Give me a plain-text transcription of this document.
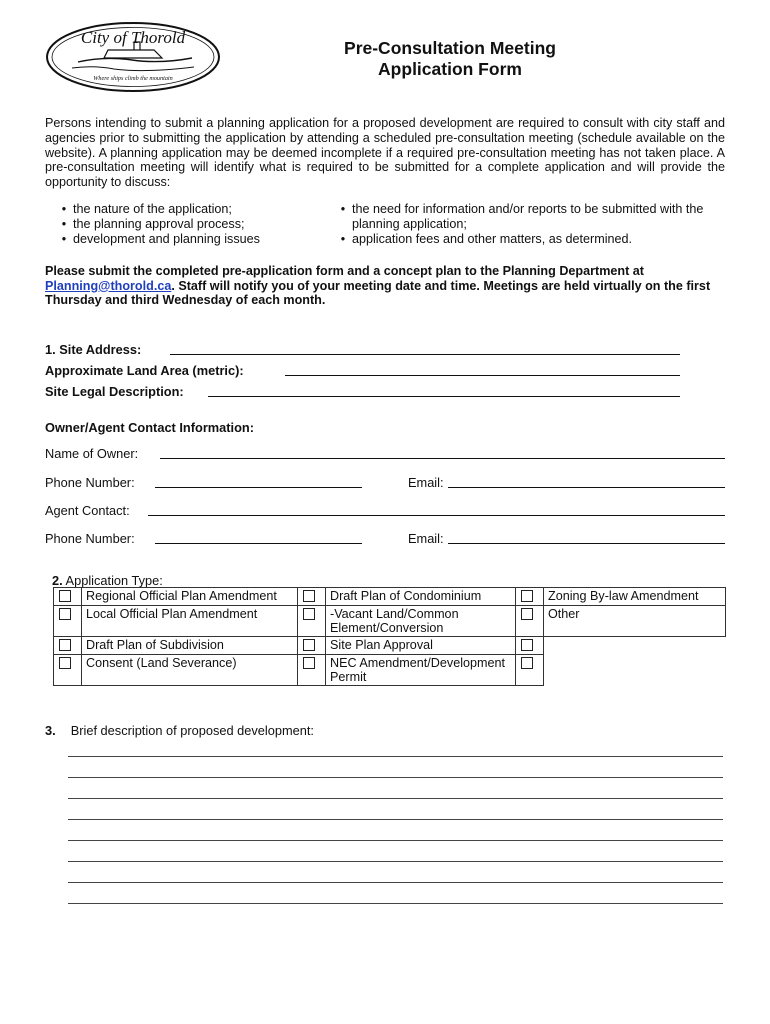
City of Thorold
Where ships climb the mountain
Pre-Consultation Meeting
Application Form
Persons intending to submit a planning application for a proposed development are required to consult with city staff and agencies prior to submitting the application by attending a scheduled pre-consultation meeting (schedule available on the website). A planning application may be deemed incomplete if a required pre-consultation meeting has not taken place. A pre-consultation meeting will identify what is required to be submitted for a complete application and will provide the opportunity to discuss:
• the nature of the application;
• the planning approval process;
• development and planning issues
• the need for information and/or reports to be submitted with the planning application;
• application fees and other matters, as determined.
Please submit the completed pre-application form and a concept plan to the Planning Department at Planning@thorold.ca. Staff will notify you of your meeting date and time. Meetings are held virtually on the first Thursday and third Wednesday of each month.
1. Site Address:
Approximate Land Area (metric):
Site Legal Description:
Owner/Agent Contact Information:
Name of Owner:
Phone Number:	Email:
Agent Contact:
Phone Number:	Email:
2. Application Type:
	Regional Official Plan Amendment		Draft Plan of Condominium		Zoning By-law Amendment
	Local Official Plan Amendment		-Vacant Land/Common Element/Conversion		Other
	Draft Plan of Subdivision		Site Plan Approval		
	Consent (Land Severance)		NEC Amendment/Development Permit		
3. Brief description of proposed development:
